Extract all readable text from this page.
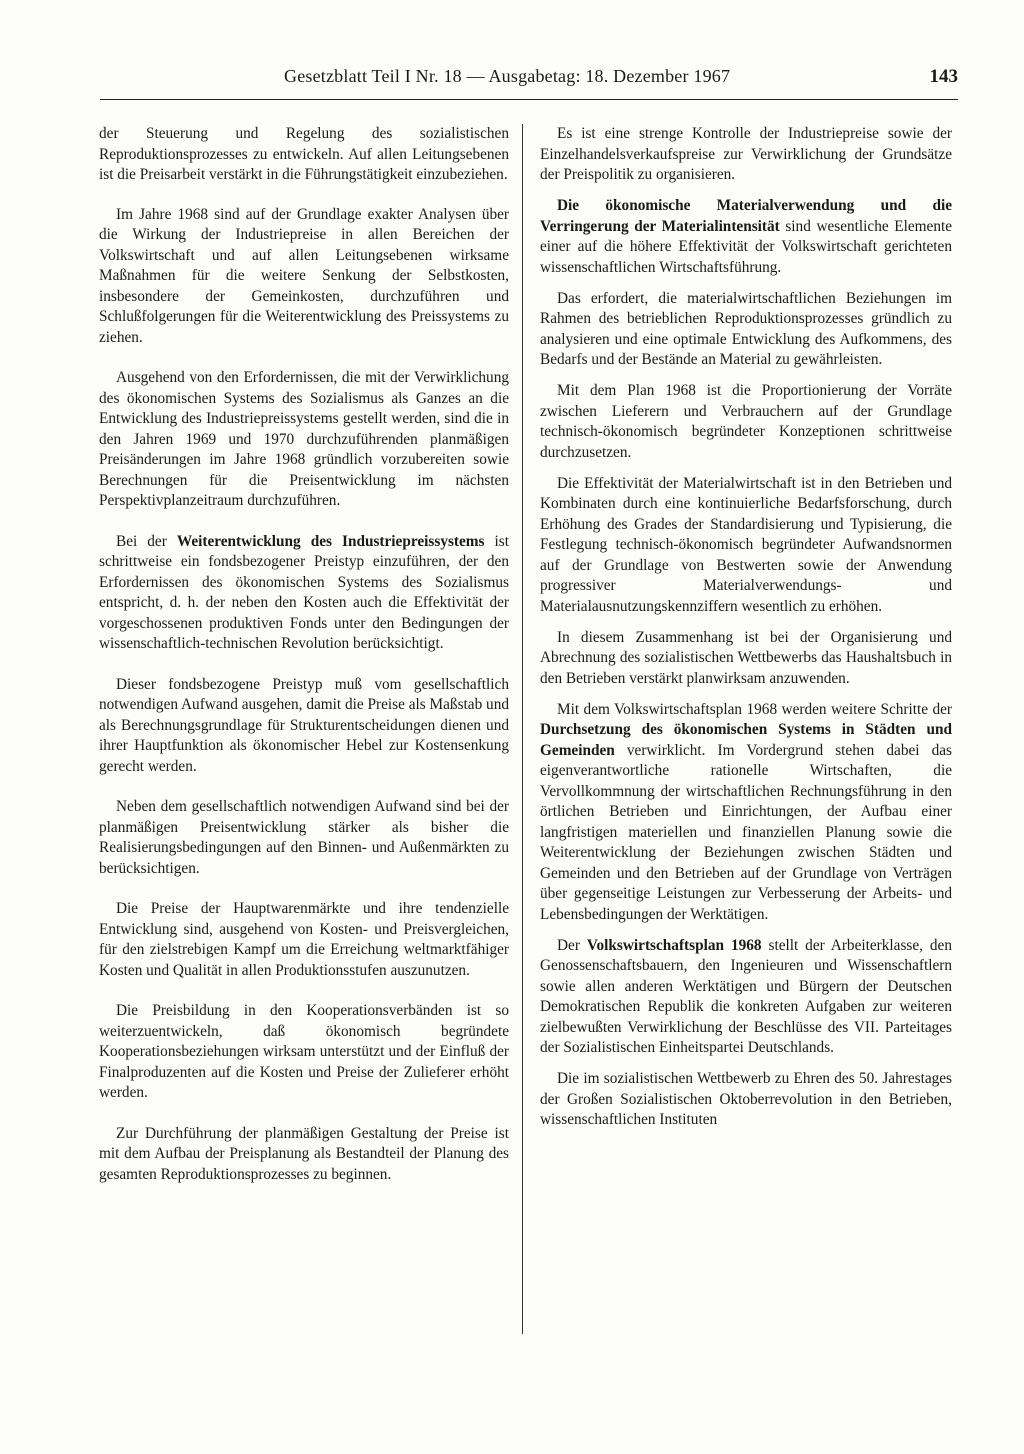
Gesetzblatt Teil I Nr. 18 — Ausgabetag: 18. Dezember 1967	143

der Steuerung und Regelung des sozialistischen Reproduktionsprozesses zu entwickeln. Auf allen Leitungsebenen ist die Preisarbeit verstärkt in die Führungstätigkeit einzubeziehen.

Im Jahre 1968 sind auf der Grundlage exakter Analysen über die Wirkung der Industriepreise in allen Bereichen der Volkswirtschaft und auf allen Leitungsebenen wirksame Maßnahmen für die weitere Senkung der Selbstkosten, insbesondere der Gemeinkosten, durchzuführen und Schlußfolgerungen für die Weiterentwicklung des Preissystems zu ziehen.

Ausgehend von den Erfordernissen, die mit der Verwirklichung des ökonomischen Systems des Sozialismus als Ganzes an die Entwicklung des Industriepreissystems gestellt werden, sind die in den Jahren 1969 und 1970 durchzuführenden planmäßigen Preisänderungen im Jahre 1968 gründlich vorzubereiten sowie Berechnungen für die Preisentwicklung im nächsten Perspektivplanzeitraum durchzuführen.

Bei der Weiterentwicklung des Industriepreissystems ist schrittweise ein fondsbezogener Preistyp einzuführen, der den Erfordernissen des ökonomischen Systems des Sozialismus entspricht, d. h. der neben den Kosten auch die Effektivität der vorgeschossenen produktiven Fonds unter den Bedingungen der wissenschaftlich-technischen Revolution berücksichtigt.

Dieser fondsbezogene Preistyp muß vom gesellschaftlich notwendigen Aufwand ausgehen, damit die Preise als Maßstab und als Berechnungsgrundlage für Strukturentscheidungen dienen und ihrer Hauptfunktion als ökonomischer Hebel zur Kostensenkung gerecht werden.

Neben dem gesellschaftlich notwendigen Aufwand sind bei der planmäßigen Preisentwicklung stärker als bisher die Realisierungsbedingungen auf den Binnen- und Außenmärkten zu berücksichtigen.

Die Preise der Hauptwarenmärkte und ihre tendenzielle Entwicklung sind, ausgehend von Kosten- und Preisvergleichen, für den zielstrebigen Kampf um die Erreichung weltmarktfähiger Kosten und Qualität in allen Produktionsstufen auszunutzen.

Die Preisbildung in den Kooperationsverbänden ist so weiterzuentwickeln, daß ökonomisch begründete Kooperationsbeziehungen wirksam unterstützt und der Einfluß der Finalproduzenten auf die Kosten und Preise der Zulieferer erhöht werden.

Zur Durchführung der planmäßigen Gestaltung der Preise ist mit dem Aufbau der Preisplanung als Bestandteil der Planung des gesamten Reproduktionsprozesses zu beginnen.

Es ist eine strenge Kontrolle der Industriepreise sowie der Einzelhandelsverkaufspreise zur Verwirklichung der Grundsätze der Preispolitik zu organisieren.

Die ökonomische Materialverwendung und die Verringerung der Materialintensität sind wesentliche Elemente einer auf die höhere Effektivität der Volkswirtschaft gerichteten wissenschaftlichen Wirtschaftsführung.

Das erfordert, die materialwirtschaftlichen Beziehungen im Rahmen des betrieblichen Reproduktionsprozesses gründlich zu analysieren und eine optimale Entwicklung des Aufkommens, des Bedarfs und der Bestände an Material zu gewährleisten.

Mit dem Plan 1968 ist die Proportionierung der Vorräte zwischen Lieferern und Verbrauchern auf der Grundlage technisch-ökonomisch begründeter Konzeptionen schrittweise durchzusetzen.

Die Effektivität der Materialwirtschaft ist in den Betrieben und Kombinaten durch eine kontinuierliche Bedarfsforschung, durch Erhöhung des Grades der Standardisierung und Typisierung, die Festlegung technisch-ökonomisch begründeter Aufwandsnormen auf der Grundlage von Bestwerten sowie der Anwendung progressiver Materialverwendungs- und Materialausnutzungskennziffern wesentlich zu erhöhen.

In diesem Zusammenhang ist bei der Organisierung und Abrechnung des sozialistischen Wettbewerbs das Haushaltsbuch in den Betrieben verstärkt planwirksam anzuwenden.

Mit dem Volkswirtschaftsplan 1968 werden weitere Schritte der Durchsetzung des ökonomischen Systems in Städten und Gemeinden verwirklicht. Im Vordergrund stehen dabei das eigenverantwortliche rationelle Wirtschaften, die Vervollkommnung der wirtschaftlichen Rechnungsführung in den örtlichen Betrieben und Einrichtungen, der Aufbau einer langfristigen materiellen und finanziellen Planung sowie die Weiterentwicklung der Beziehungen zwischen Städten und Gemeinden und den Betrieben auf der Grundlage von Verträgen über gegenseitige Leistungen zur Verbesserung der Arbeits- und Lebensbedingungen der Werktätigen.

Der Volkswirtschaftsplan 1968 stellt der Arbeiterklasse, den Genossenschaftsbauern, den Ingenieuren und Wissenschaftlern sowie allen anderen Werktätigen und Bürgern der Deutschen Demokratischen Republik die konkreten Aufgaben zur weiteren zielbewußten Verwirklichung der Beschlüsse des VII. Parteitages der Sozialistischen Einheitspartei Deutschlands.

Die im sozialistischen Wettbewerb zu Ehren des 50. Jahrestages der Großen Sozialistischen Oktoberrevolution in den Betrieben, wissenschaftlichen Instituten
